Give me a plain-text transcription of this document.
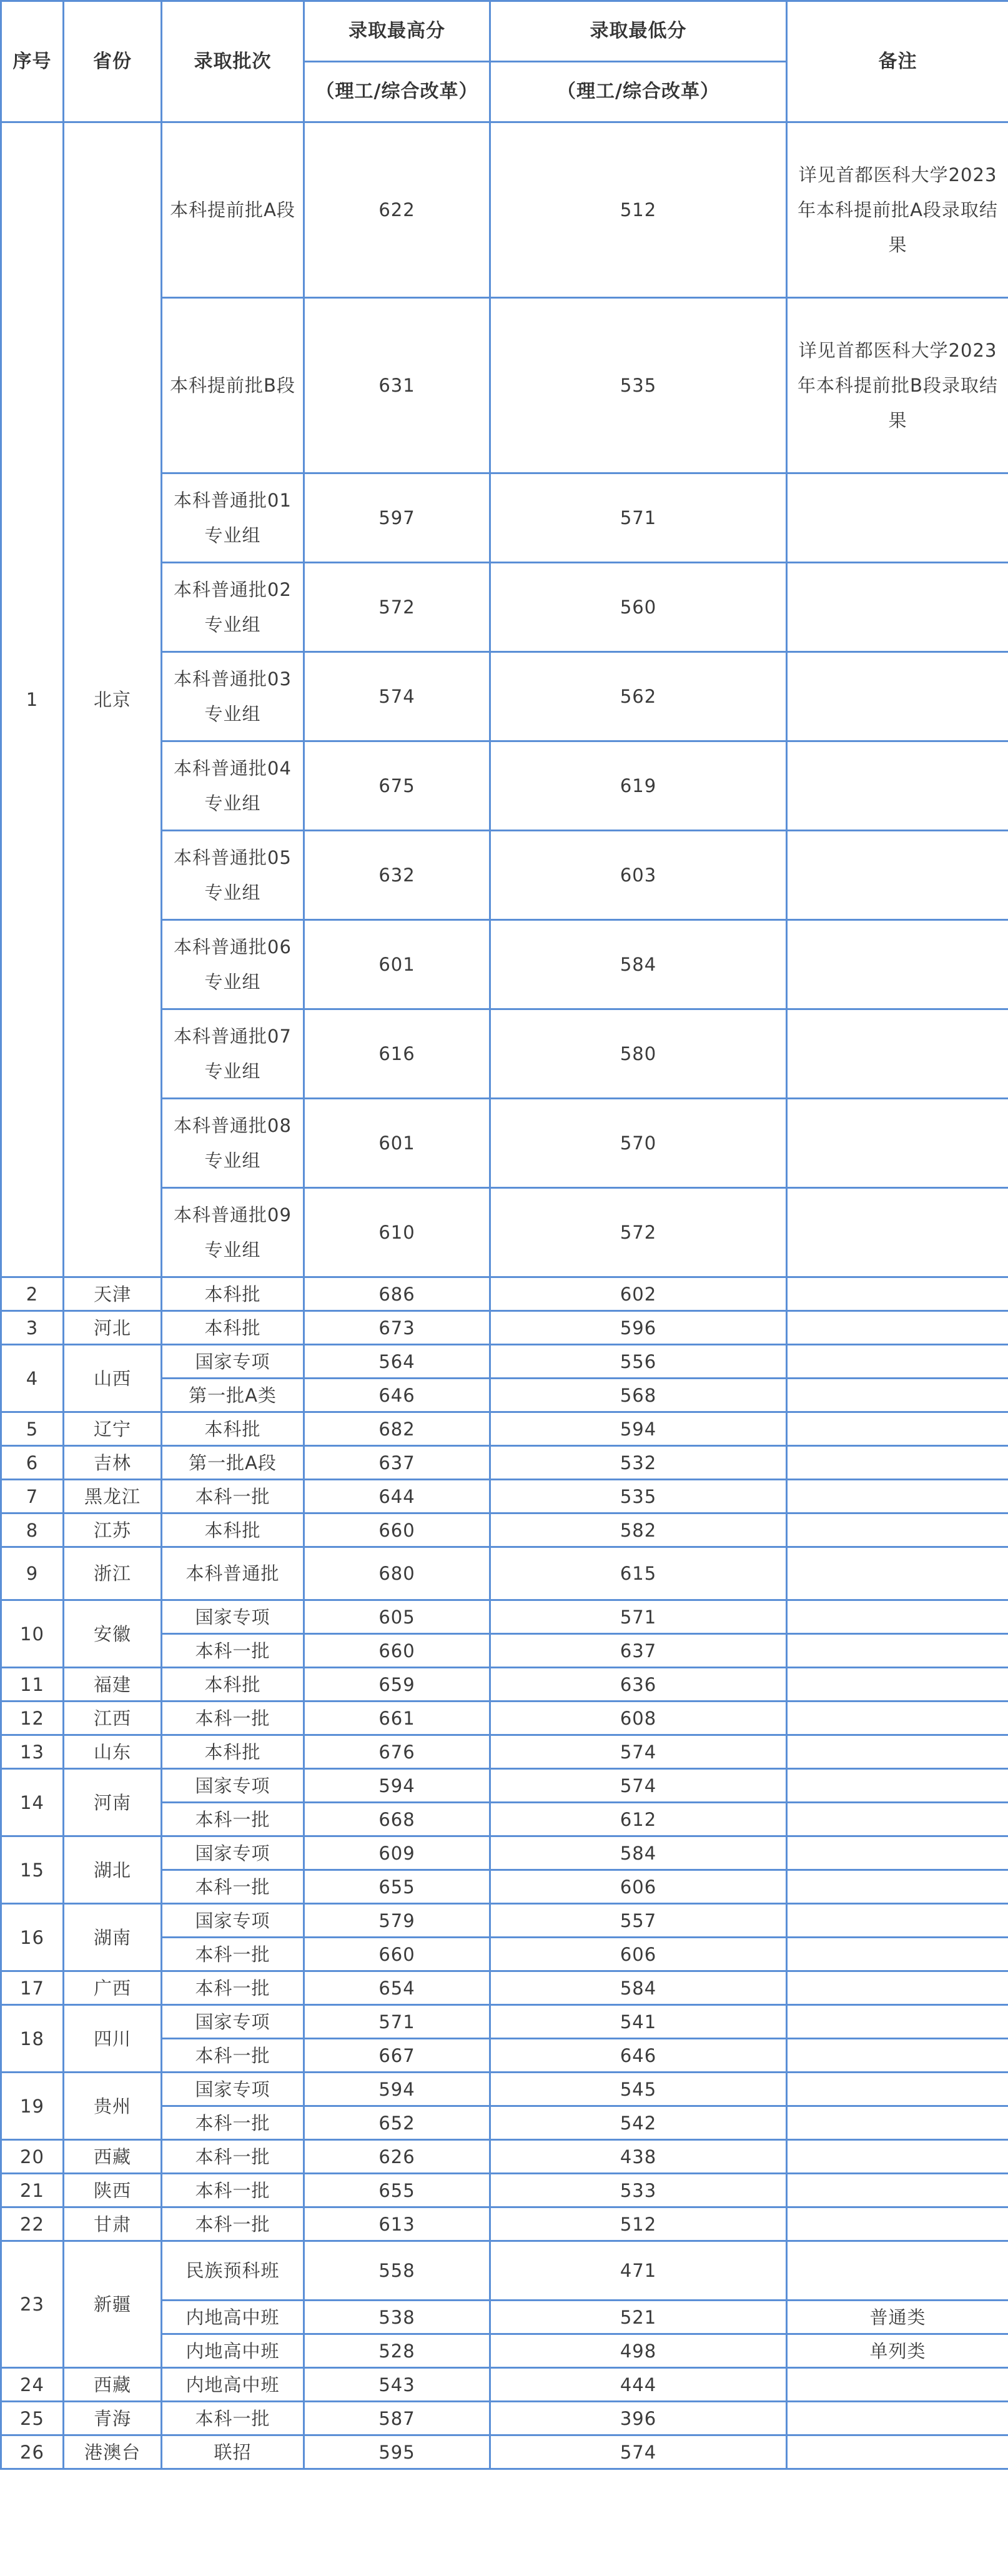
序号	省份	录取批次	录取最高分	录取最低分	备注
			（理工/综合改革）	（理工/综合改革）	
1	北京	本科提前批A段	622	512	详见首都医科大学2023年本科提前批A段录取结果
		本科提前批B段	631	535	详见首都医科大学2023年本科提前批B段录取结果
		本科普通批01专业组	597	571	
		本科普通批02专业组	572	560	
		本科普通批03专业组	574	562	
		本科普通批04专业组	675	619	
		本科普通批05专业组	632	603	
		本科普通批06专业组	601	584	
		本科普通批07专业组	616	580	
		本科普通批08专业组	601	570	
		本科普通批09专业组	610	572	
2	天津	本科批	686	602	
3	河北	本科批	673	596	
4	山西	国家专项	564	556	
		第一批A类	646	568	
5	辽宁	本科批	682	594	
6	吉林	第一批A段	637	532	
7	黑龙江	本科一批	644	535	
8	江苏	本科批	660	582	
9	浙江	本科普通批	680	615	
10	安徽	国家专项	605	571	
		本科一批	660	637	
11	福建	本科批	659	636	
12	江西	本科一批	661	608	
13	山东	本科批	676	574	
14	河南	国家专项	594	574	
		本科一批	668	612	
15	湖北	国家专项	609	584	
		本科一批	655	606	
16	湖南	国家专项	579	557	
		本科一批	660	606	
17	广西	本科一批	654	584	
18	四川	国家专项	571	541	
		本科一批	667	646	
19	贵州	国家专项	594	545	
		本科一批	652	542	
20	西藏	本科一批	626	438	
21	陕西	本科一批	655	533	
22	甘肃	本科一批	613	512	
23	新疆	民族预科班	558	471	
		内地高中班	538	521	普通类
		内地高中班	528	498	单列类
24	西藏	内地高中班	543	444	
25	青海	本科一批	587	396	
26	港澳台	联招	595	574	
